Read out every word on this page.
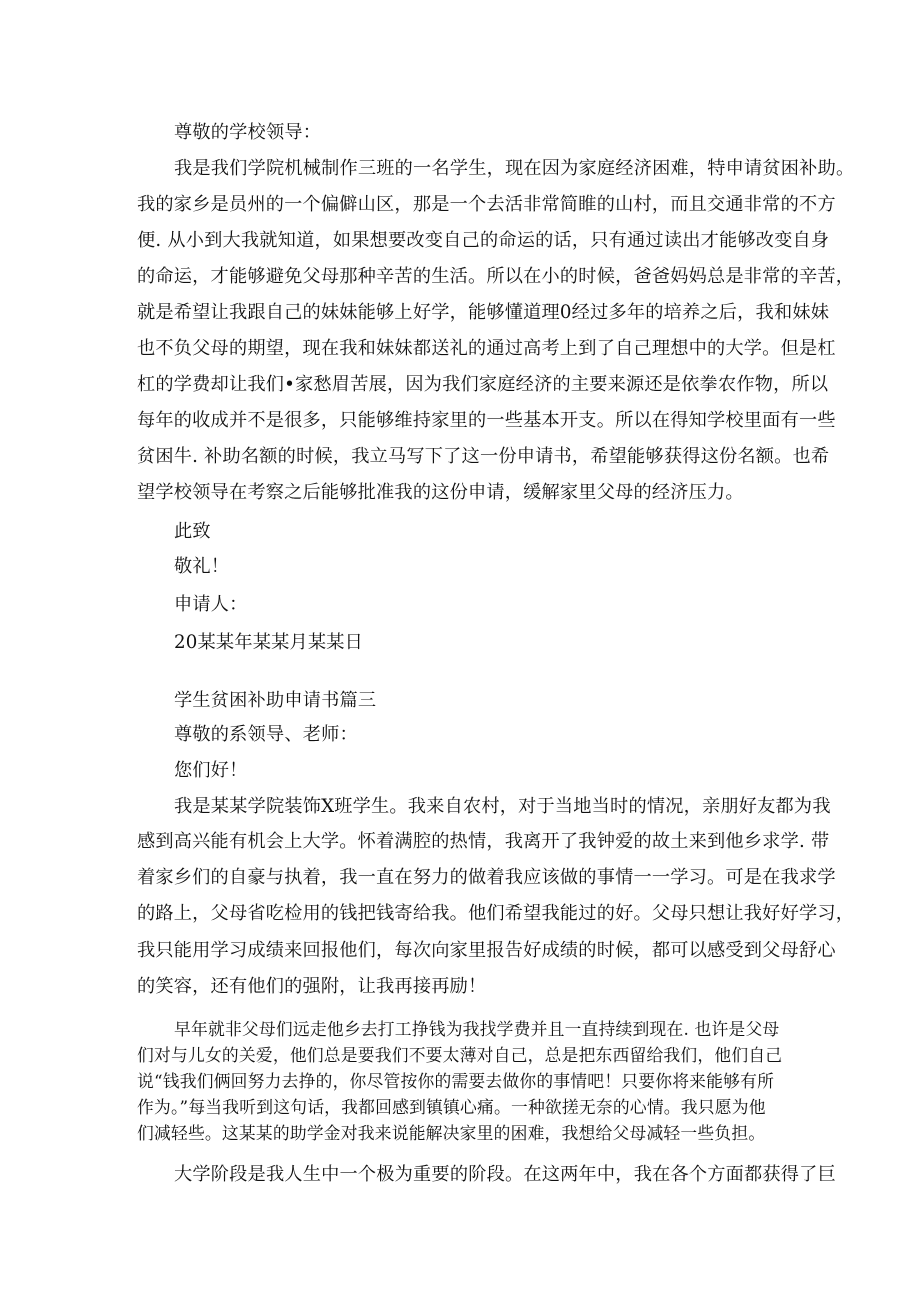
尊敬的学校领导：
我是我们学院机械制作三班的一名学生，现在因为家庭经济困难，特申请贫困补助。
我的家乡是员州的一个偏僻山区，那是一个去活非常简睢的山村，而且交通非常的不方
便. 从小到大我就知道，如果想要改变自己的命运的话，只有通过读出才能够改变自身
的命运，才能够避免父母那种辛苦的生活。所以在小的时候，爸爸妈妈总是非常的辛苦，
就是希望让我跟自己的妹妹能够上好学，能够懂道理0经过多年的培养之后，我和妹妹
也不负父母的期望，现在我和妹妹都送礼的通过高考上到了自己理想中的大学。但是杠
杠的学费却让我们•家愁眉苦展，因为我们家庭经济的主要来源还是依拳农作物，所以
每年的收成并不是很多，只能够维持家里的一些基本开支。所以在得知学校里面有一些
贫困牛. 补助名额的时候，我立马写下了这一份申请书，希望能够获得这份名额。也希
望学校领导在考察之后能够批准我的这份申请，缓解家里父母的经济压力。
此致
敬礼！
申请人：
20某某年某某月某某日
学生贫困补助申请书篇三
尊敬的系领导、老师：
您们好！
我是某某学院装饰X班学生。我来自农村，对于当地当时的情况，亲朋好友都为我
感到高兴能有机会上大学。怀着满腔的热情，我离开了我钟爱的故土来到他乡求学. 带
着家乡们的自豪与执着，我一直在努力的做着我应该做的事情一一学习。可是在我求学
的路上，父母省吃检用的钱把钱寄给我。他们希望我能过的好。父母只想让我好好学习，
我只能用学习成绩来回报他们，每次向家里报告好成绩的时候，都可以感受到父母舒心
的笑容，还有他们的强附，让我再接再励！
早年就非父母们远走他乡去打工挣钱为我找学费并且一直持续到现在. 也许是父母
们对与儿女的关爱，他们总是要我们不要太薄对自己，总是把东西留给我们，他们自己
说“钱我们俩回努力去挣的，你尽管按你的需要去做你的事情吧！只要你将来能够有所
作为。”每当我听到这句话，我都回感到镇镇心痛。一种欲搓无奈的心情。我只愿为他
们减轻些。这某某的助学金对我来说能解决家里的困难，我想给父母减轻一些负担。
大学阶段是我人生中一个极为重要的阶段。在这两年中，我在各个方面都获得了巨
